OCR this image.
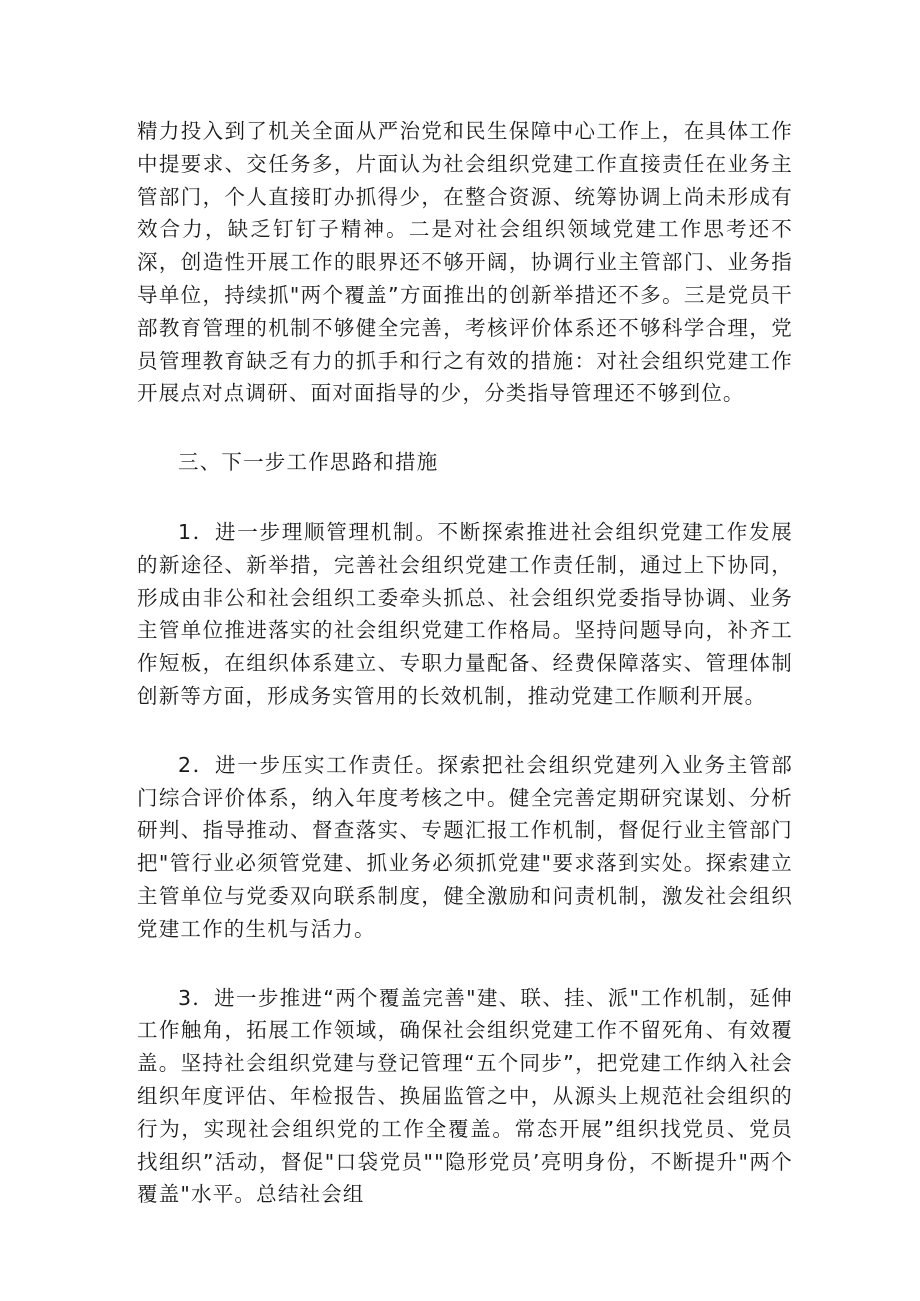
精力投入到了机关全面从严治党和民生保障中心工作上，在具体工作中提要求、交任务多，片面认为社会组织党建工作直接责任在业务主管部门，个人直接盯办抓得少，在整合资源、统筹协调上尚未形成有效合力，缺乏钉钉子精神。二是对社会组织领域党建工作思考还不深，创造性开展工作的眼界还不够开阔，协调行业主管部门、业务指导单位，持续抓"两个覆盖”方面推出的创新举措还不多。三是党员干部教育管理的机制不够健全完善，考核评价体系还不够科学合理，党员管理教育缺乏有力的抓手和行之有效的措施：对社会组织党建工作开展点对点调研、面对面指导的少，分类指导管理还不够到位。

三、下一步工作思路和措施

1．进一步理顺管理机制。不断探索推进社会组织党建工作发展的新途径、新举措，完善社会组织党建工作责任制，通过上下协同，形成由非公和社会组织工委牵头抓总、社会组织党委指导协调、业务主管单位推进落实的社会组织党建工作格局。坚持问题导向，补齐工作短板，在组织体系建立、专职力量配备、经费保障落实、管理体制创新等方面，形成务实管用的长效机制，推动党建工作顺利开展。

2．进一步压实工作责任。探索把社会组织党建列入业务主管部门综合评价体系，纳入年度考核之中。健全完善定期研究谋划、分析研判、指导推动、督查落实、专题汇报工作机制，督促行业主管部门把"管行业必须管党建、抓业务必须抓党建"要求落到实处。探索建立主管单位与党委双向联系制度，健全激励和问责机制，激发社会组织党建工作的生机与活力。

3．进一步推进“两个覆盖完善"建、联、挂、派"工作机制，延伸工作触角，拓展工作领域，确保社会组织党建工作不留死角、有效覆盖。坚持社会组织党建与登记管理“五个同步”，把党建工作纳入社会组织年度评估、年检报告、换届监管之中，从源头上规范社会组织的行为，实现社会组织党的工作全覆盖。常态开展”组织找党员、党员找组织”活动，督促"口袋党员""隐形党员’亮明身份，不断提升"两个覆盖"水平。总结社会组
